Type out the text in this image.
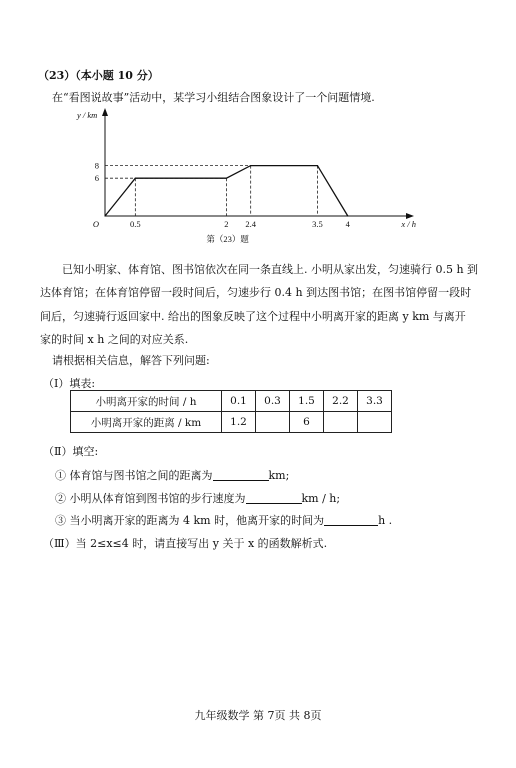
（23）（本小题 10 分）
在“看图说故事”活动中，某学习小组结合图象设计了一个问题情境.
0.5	2 2.4	3.5	4
6
8
O	x / h
y / km
第（23）题

已知小明家、体育馆、图书馆依次在同一条直线上. 小明从家出发，匀速骑行 0.5 h 到

达体育馆；在体育馆停留一段时间后，匀速步行 0.4 h 到达图书馆；在图书馆停留一段时

间后，匀速骑行返回家中. 给出的图象反映了这个过程中小明离开家的距离 y km 与离开

家的时间 x h 之间的对应关系.

请根据相关信息，解答下列问题:
（Ⅰ）填表:
小明离开家的时间 / h	0.1	0.3	1.5	2.2	3.3
小明离开家的距离 / km	1.2		6		
（Ⅱ）填空:
① 体育馆与图书馆之间的距离为	km;
② 小明从体育馆到图书馆的步行速度为	km / h;
③ 当小明离开家的距离为 4 km 时，他离开家的时间为	h .
（Ⅲ）当 2≤x≤4 时，请直接写出 y 关于 x 的函数解析式.
九年级数学 第 7页 共 8页
